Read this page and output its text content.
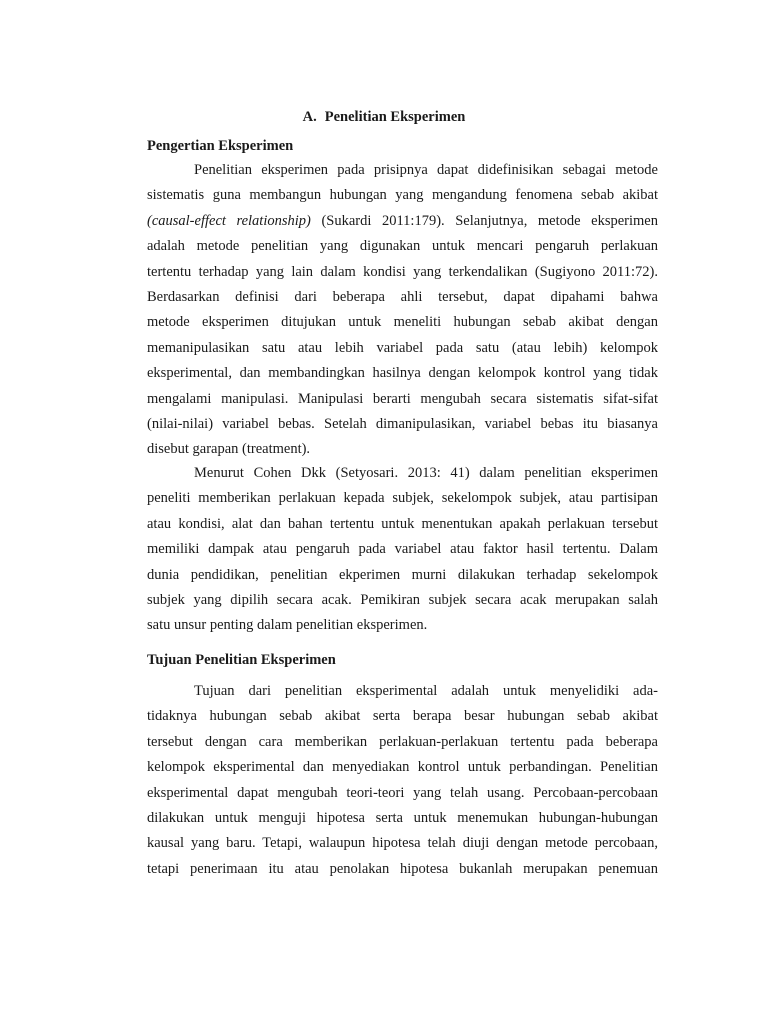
A. Penelitian Eksperimen
Pengertian Eksperimen
Penelitian eksperimen pada prisipnya dapat didefinisikan sebagai metode
sistematis guna membangun hubungan yang mengandung fenomena sebab akibat
(causal-effect relationship) (Sukardi 2011:179). Selanjutnya, metode eksperimen
adalah metode penelitian yang digunakan untuk mencari pengaruh perlakuan
tertentu terhadap yang lain dalam kondisi yang terkendalikan (Sugiyono 2011:72).
Berdasarkan definisi dari beberapa ahli tersebut, dapat dipahami bahwa
metode eksperimen ditujukan untuk meneliti hubungan sebab akibat dengan
memanipulasikan satu atau lebih variabel pada satu (atau lebih) kelompok
eksperimental, dan membandingkan hasilnya dengan kelompok kontrol yang tidak
mengalami manipulasi. Manipulasi berarti mengubah secara sistematis sifat-sifat
(nilai-nilai) variabel bebas. Setelah dimanipulasikan, variabel bebas itu biasanya
disebut garapan (treatment).
Menurut Cohen Dkk (Setyosari. 2013: 41) dalam penelitian eksperimen
peneliti memberikan perlakuan kepada subjek, sekelompok subjek, atau partisipan
atau kondisi, alat dan bahan tertentu untuk menentukan apakah perlakuan tersebut
memiliki dampak atau pengaruh pada variabel atau faktor hasil tertentu. Dalam
dunia pendidikan, penelitian ekperimen murni dilakukan terhadap sekelompok
subjek yang dipilih secara acak. Pemikiran subjek secara acak merupakan salah
satu unsur penting dalam penelitian eksperimen.
Tujuan Penelitian Eksperimen
Tujuan dari penelitian eksperimental adalah untuk menyelidiki ada-
tidaknya hubungan sebab akibat serta berapa besar hubungan sebab akibat
tersebut dengan cara memberikan perlakuan-perlakuan tertentu pada beberapa
kelompok eksperimental dan menyediakan kontrol untuk perbandingan. Penelitian
eksperimental dapat mengubah teori-teori yang telah usang. Percobaan-percobaan
dilakukan untuk menguji hipotesa serta untuk menemukan hubungan-hubungan
kausal yang baru. Tetapi, walaupun hipotesa telah diuji dengan metode percobaan,
tetapi penerimaan itu atau penolakan hipotesa bukanlah merupakan penemuan
